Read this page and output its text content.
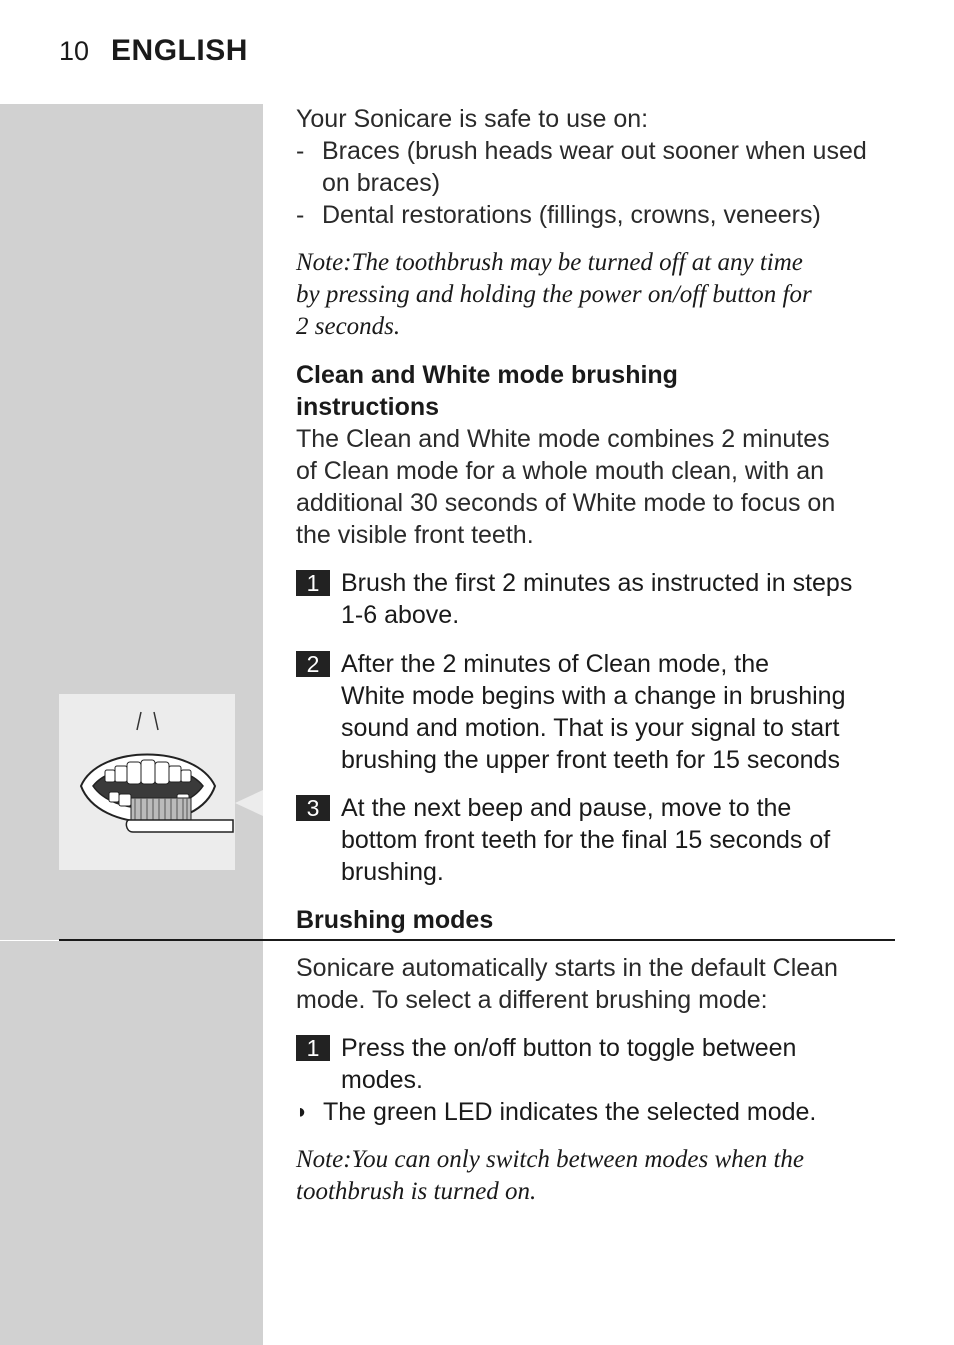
10 ENGLISH

Your Sonicare is safe to use on:

- Braces (brush heads wear out sooner when used
on braces)
- Dental restorations (fillings, crowns, veneers)
Note:The toothbrush may be turned off at any time
by pressing and holding the power on/off button for
2 seconds.

Clean and White mode brushing
instructions

The Clean and White mode combines 2 minutes
of Clean mode for a whole mouth clean, with an
additional 30 seconds of White mode to focus on
the visible front teeth.

1 Brush the first 2 minutes as instructed in steps
1-6 above.
2 After the 2 minutes of Clean mode, the
White mode begins with a change in brushing
sound and motion. That is your signal to start
brushing the upper front teeth for 15 seconds
3 At the next beep and pause, move to the
bottom front teeth for the final 15 seconds of
brushing.
Brushing modes
Sonicare automatically starts in the default Clean
mode. To select a different brushing mode:
1 Press the on/off button to toggle between
modes.
◗ The green LED indicates the selected mode.
Note:You can only switch between modes when the
toothbrush is turned on.
